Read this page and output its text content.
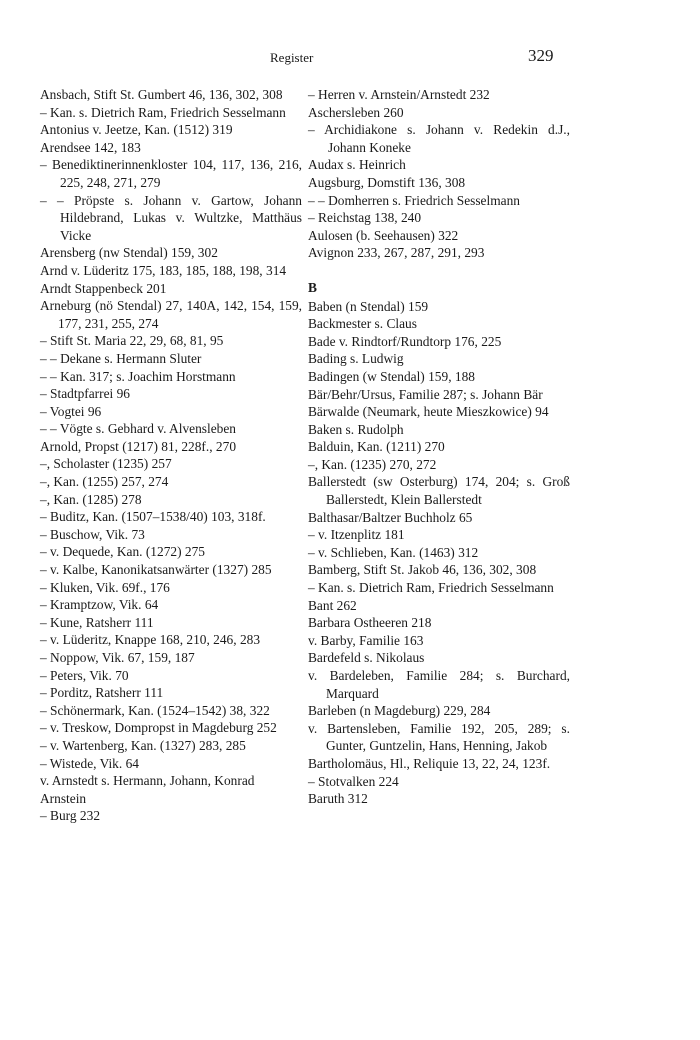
Register	329

Ansbach, Stift St. Gumbert 46, 136, 302, 308

– Kan. s. Dietrich Ram, Friedrich Sesselmann

Antonius v. Jeetze, Kan. (1512) 319

Arendsee 142, 183

– Benediktinerinnenkloster 104, 117, 136, 216, 225, 248, 271, 279

– – Pröpste s. Johann v. Gartow, Johann Hildebrand, Lukas v. Wultzke, Matthäus Vicke

Arensberg (nw Stendal) 159, 302

Arnd v. Lüderitz 175, 183, 185, 188, 198, 314

Arndt Stappenbeck 201

Arneburg (nö Stendal) 27, 140A, 142, 154, 159, 177, 231, 255, 274

– Stift St. Maria 22, 29, 68, 81, 95

– – Dekane s. Hermann Sluter

– – Kan. 317; s. Joachim Horstmann

– Stadtpfarrei 96

– Vogtei 96

– – Vögte s. Gebhard v. Alvensleben

Arnold, Propst (1217) 81, 228f., 270

–, Scholaster (1235) 257

–, Kan. (1255) 257, 274

–, Kan. (1285) 278

– Buditz, Kan. (1507–1538/40) 103, 318f.

– Buschow, Vik. 73

– v. Dequede, Kan. (1272) 275

– v. Kalbe, Kanonikatsanwärter (1327) 285

– Kluken, Vik. 69f., 176

– Kramptzow, Vik. 64

– Kune, Ratsherr 111

– v. Lüderitz, Knappe 168, 210, 246, 283

– Noppow, Vik. 67, 159, 187

– Peters, Vik. 70

– Porditz, Ratsherr 111

– Schönermark, Kan. (1524–1542) 38, 322

– v. Treskow, Dompropst in Magdeburg 252

– v. Wartenberg, Kan. (1327) 283, 285

– Wistede, Vik. 64

v. Arnstedt s. Hermann, Johann, Konrad

Arnstein

– Burg 232

– Herren v. Arnstein/Arnstedt 232

Aschersleben 260

– Archidiakone s. Johann v. Redekin d.J., Johann Koneke

Audax s. Heinrich

Augsburg, Domstift 136, 308

– – Domherren s. Friedrich Sesselmann

– Reichstag 138, 240

Aulosen (b. Seehausen) 322

Avignon 233, 267, 287, 291, 293

B

Baben (n Stendal) 159

Backmester s. Claus

Bade v. Rindtorf/Rundtorp 176, 225

Bading s. Ludwig

Badingen (w Stendal) 159, 188

Bär/Behr/Ursus, Familie 287; s. Johann Bär

Bärwalde (Neumark, heute Mieszkowice) 94

Baken s. Rudolph

Balduin, Kan. (1211) 270

–, Kan. (1235) 270, 272

Ballerstedt (sw Osterburg) 174, 204; s. Groß Ballerstedt, Klein Ballerstedt

Balthasar/Baltzer Buchholz 65

– v. Itzenplitz 181

– v. Schlieben, Kan. (1463) 312

Bamberg, Stift St. Jakob 46, 136, 302, 308

– Kan. s. Dietrich Ram, Friedrich Sesselmann

Bant 262

Barbara Ostheeren 218

v. Barby, Familie 163

Bardefeld s. Nikolaus

v. Bardeleben, Familie 284; s. Burchard, Marquard

Barleben (n Magdeburg) 229, 284

v. Bartensleben, Familie 192, 205, 289; s. Gunter, Guntzelin, Hans, Henning, Jakob

Bartholomäus, Hl., Reliquie 13, 22, 24, 123f.

– Stotvalken 224

Baruth 312
